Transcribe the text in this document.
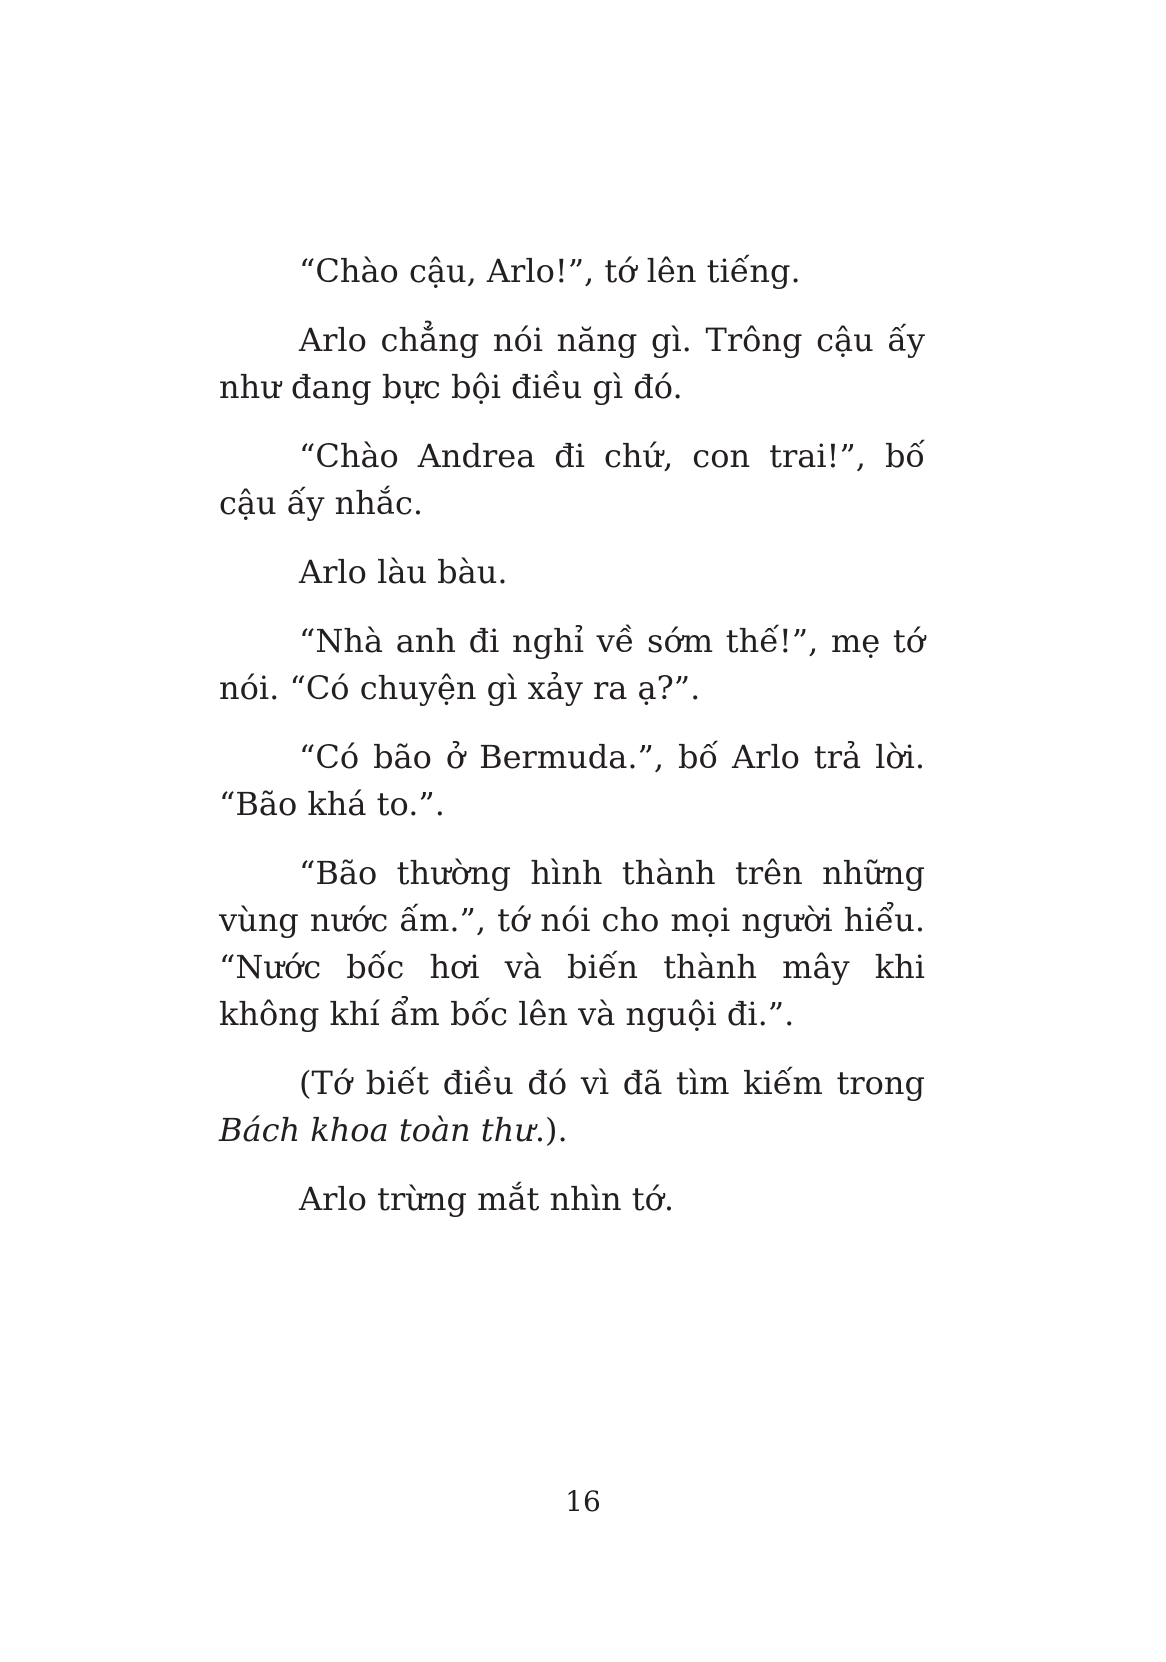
“Chào cậu, Arlo!”, tớ lên tiếng.

Arlo chẳng nói năng gì. Trông cậu ấy như đang bực bội điều gì đó.

“Chào Andrea đi chứ, con trai!”, bố cậu ấy nhắc.

Arlo làu bàu.

“Nhà anh đi nghỉ về sớm thế!”, mẹ tớ nói. “Có chuyện gì xảy ra ạ?”.

“Có bão ở Bermuda.”, bố Arlo trả lời. “Bão khá to.”.

“Bão thường hình thành trên những vùng nước ấm.”, tớ nói cho mọi người hiểu. “Nước bốc hơi và biến thành mây khi không khí ẩm bốc lên và nguội đi.”.

(Tớ biết điều đó vì đã tìm kiếm trong Bách khoa toàn thư.).

Arlo trừng mắt nhìn tớ.

16
